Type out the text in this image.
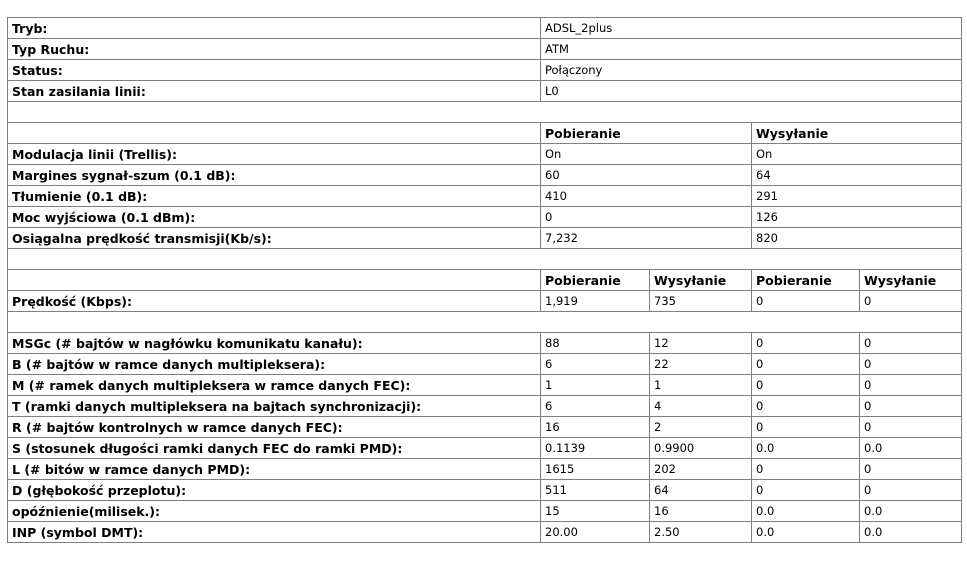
Tryb:	ADSL_2plus			
Typ Ruchu:	ATM			
Status:	Połączony			
Stan zasilania linii:	L0			

	Pobieranie		Wysyłanie	
Modulacja linii (Trellis):	On		On	
Margines sygnał-szum (0.1 dB):	60		64	
Tłumienie (0.1 dB):	410		291	
Moc wyjściowa (0.1 dBm):	0		126	
Osiągalna prędkość transmisji(Kb/s):	7,232		820	

	Pobieranie	Wysyłanie	Pobieranie	Wysyłanie
Prędkość (Kbps):	1,919	735	0	0

MSGc (# bajtów w nagłówku komunikatu kanału):	88	12	0	0
B (# bajtów w ramce danych multipleksera):	6	22	0	0
M (# ramek danych multipleksera w ramce danych FEC):	1	1	0	0
T (ramki danych multipleksera na bajtach synchronizacji):	6	4	0	0
R (# bajtów kontrolnych w ramce danych FEC):	16	2	0	0
S (stosunek długości ramki danych FEC do ramki PMD):	0.1139	0.9900	0.0	0.0
L (# bitów w ramce danych PMD):	1615	202	0	0
D (głębokość przeplotu):	511	64	0	0
opóźnienie(milisek.):	15	16	0.0	0.0
INP (symbol DMT):	20.00	2.50	0.0	0.0
